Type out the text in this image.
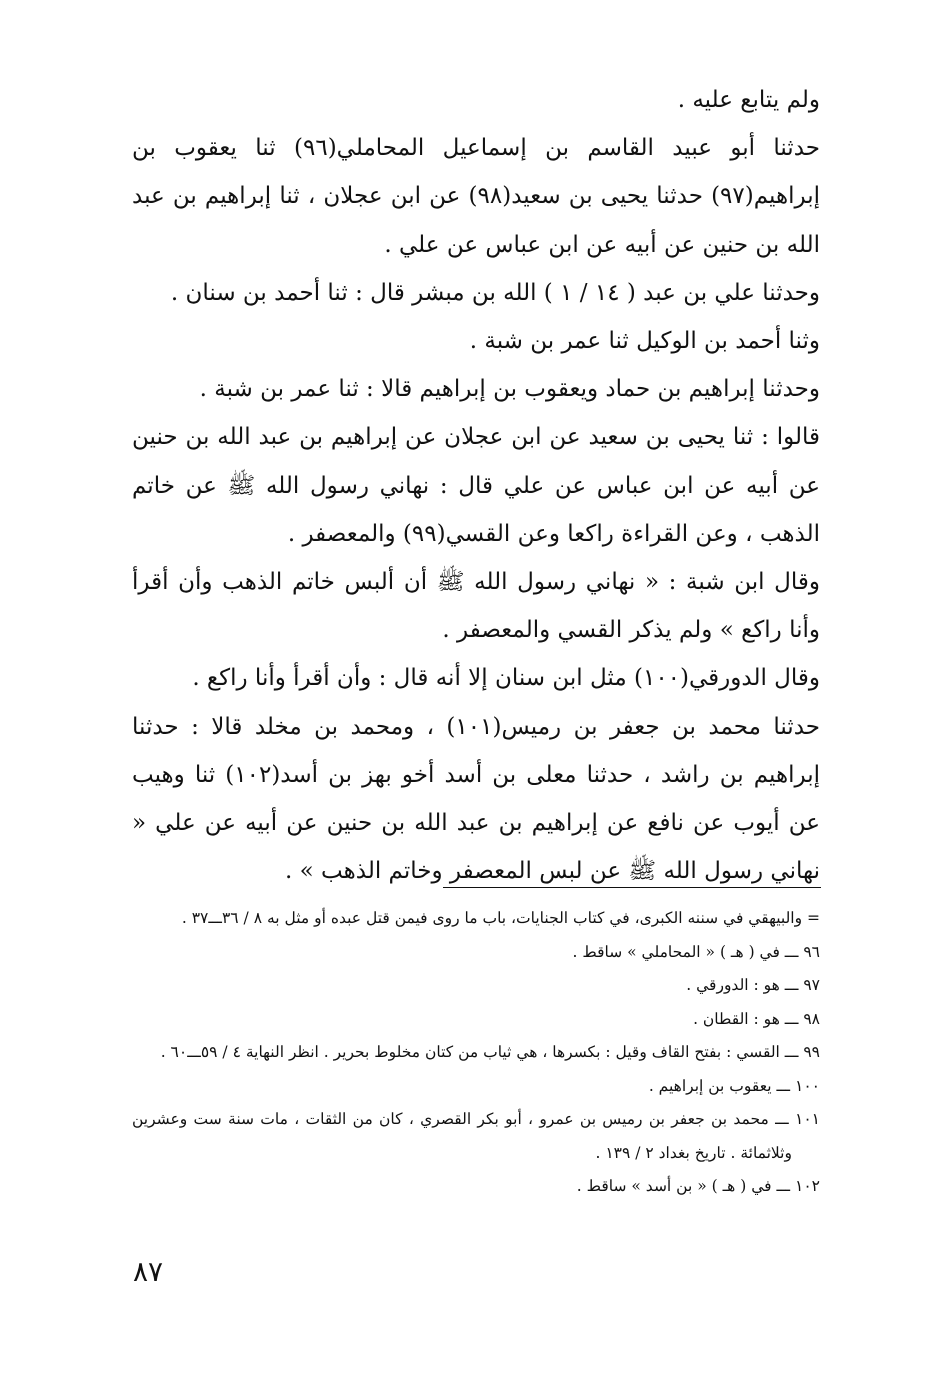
ولم يتابع عليه .

حدثنا أبو عبيد القاسم بن إسماعيل المحاملي(٩٦) ثنا يعقوب بن إبراهيم(٩٧) حدثنا يحيى بن سعيد(٩٨) عن ابن عجلان ، ثنا إبراهيم بن عبد الله بن حنين عن أبيه عن ابن عباس عن علي .

وحدثنا علي بن عبد ( ١٤ / ١ ) الله بن مبشر قال : ثنا أحمد بن سنان .

وثنا أحمد بن الوكيل ثنا عمر بن شبة .

وحدثنا إبراهيم بن حماد ويعقوب بن إبراهيم قالا : ثنا عمر بن شبة .

قالوا : ثنا يحيى بن سعيد عن ابن عجلان عن إبراهيم بن عبد الله بن حنين عن أبيه عن ابن عباس عن علي قال : نهاني رسول الله ﷺ عن خاتم الذهب ، وعن القراءة راكعا وعن القسي(٩٩) والمعصفر .

وقال ابن شبة : « نهاني رسول الله ﷺ أن ألبس خاتم الذهب وأن أقرأ وأنا راكع » ولم يذكر القسي والمعصفر .

وقال الدورقي(١٠٠) مثل ابن سنان إلا أنه قال : وأن أقرأ وأنا راكع .

حدثنا محمد بن جعفر بن رميس(١٠١) ، ومحمد بن مخلد قالا : حدثنا إبراهيم بن راشد ، حدثنا معلى بن أسد أخو بهز بن أسد(١٠٢) ثنا وهيب عن أيوب عن نافع عن إبراهيم بن عبد الله بن حنين عن أبيه عن علي « نهاني رسول الله ﷺ عن لبس المعصفر وخاتم الذهب » .

= والبيهقي في سننه الكبرى، في كتاب الجنايات، باب ما روى فيمن قتل عبده أو مثل به ٨ / ٣٦ـــ٣٧ .

٩٦ ـــ في ( هـ ) « المحاملي » ساقط .

٩٧ ـــ هو : الدورقي .

٩٨ ـــ هو : القطان .

٩٩ ـــ القسي : بفتح القاف وقيل : بكسرها ، هي ثياب من كتان مخلوط بحرير . انظر النهاية ٤ / ٥٩ـــ٦٠ .

١٠٠ ـــ يعقوب بن إبراهيم .

١٠١ ـــ محمد بن جعفر بن رميس بن عمرو ، أبو بكر القصري ، كان من الثقات ، مات سنة ست وعشرين وثلاثمائة . تاريخ بغداد ٢ / ١٣٩ .

١٠٢ ـــ في ( هـ ) « بن أسد » ساقط .

٨٧
